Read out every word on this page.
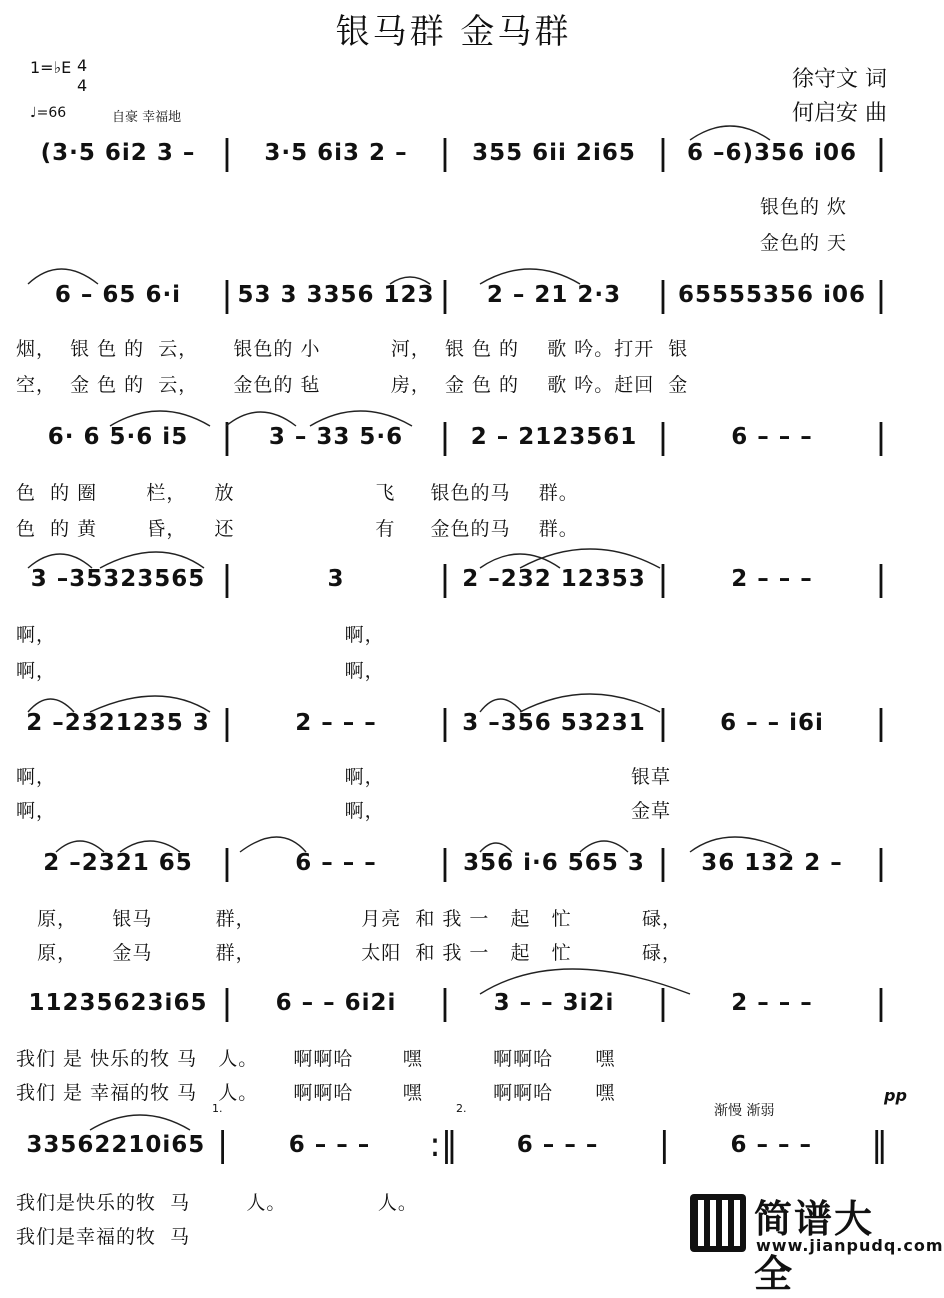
银马群 金马群
徐守文 词
何启安 曲
1=♭E 4
4
♩=66	自豪 幸福地
(3·5 6i2 3 – |	3·5 6i3 2 – | 355 6ii 2i65 | 6 –6)356 i06 |
银色的 炊
金色的 天
6 – 65 6·i	| 53 3 3356 123 |	2 – 21 2·3	| 65555356 i06 |
烟，  银 色 的  云，     银色的 小          河，  银 色 的    歌 吟。打开  银
空，  金 色 的  云，     金色的 毡          房，  金 色 的    歌 吟。赶回  金
6· 6 5·6 i5 |	3 – 33 5·6	| 2 – 2123561 |	6 – – –	|
色  的 圈       栏，    放                    飞     银色的马    群。
色  的 黄       昏，    还                    有     金色的马    群。
3 –35323565 |	3	| 2 –232 12353 |	2 – – –	|
啊，                                         啊，
啊，                                         啊，
2 –2321235 3 |	2 – – –	| 3 –356 53231 |	6 – – i6i	|
啊，                                         啊，                                   银草
啊，                                         啊，                                   金草
2 –2321 65 |	6 – – –	| 356 i·6 565 3 |	36 132 2 – |
原，     银马         群，               月亮  和 我 一   起   忙          碌，
原，     金马         群，               太阳  和 我 一   起   忙          碌，
11235623i65 |	6 – – 6i2i	|	3 – – 3i2i	|	2 – – –	|
我们 是 快乐的牧 马   人。     啊啊哈       嘿          啊啊哈      嘿
我们 是 幸福的牧 马   人。     啊啊哈       嘿          啊啊哈      嘿
1.	2.	渐慢 渐弱
pp
33562210i65 |	6 – – –	:‖	6 – – –	|	6 – – –	‖
我们是快乐的牧  马        人。             人。
我们是幸福的牧  马	简谱大全
www.jianpudq.com
